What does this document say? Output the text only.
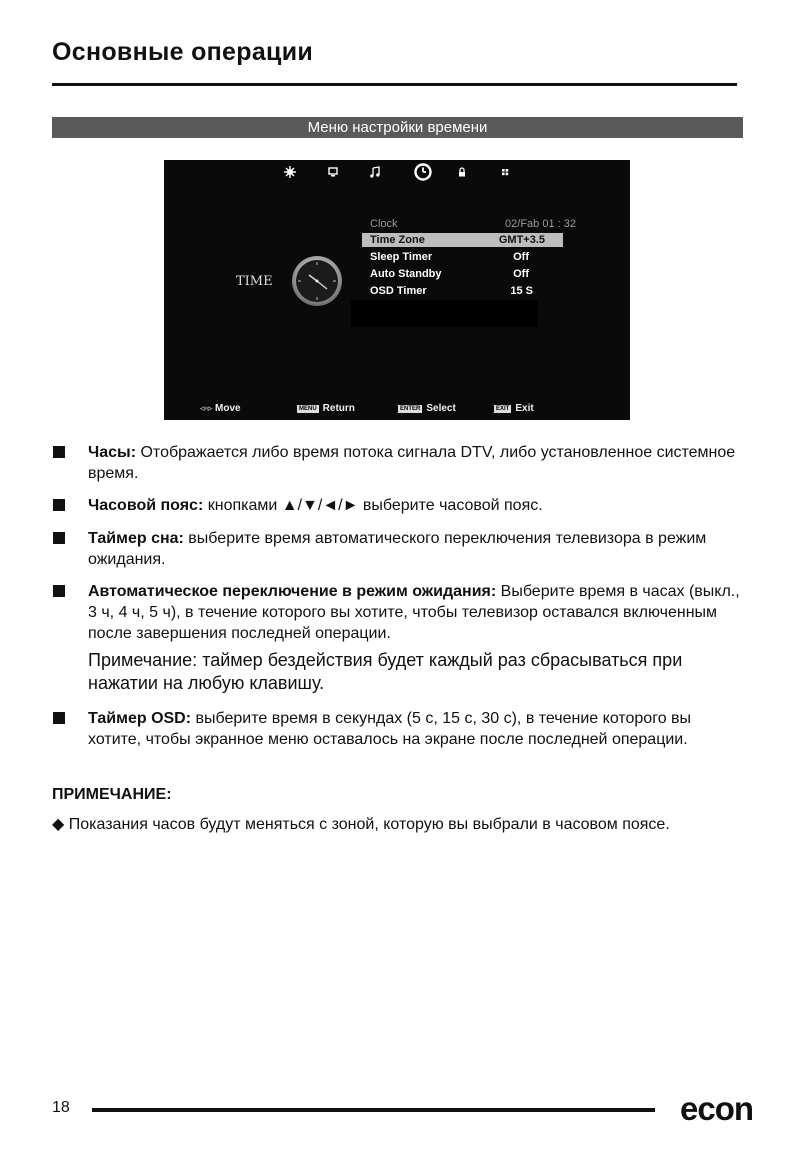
Основные операции
Меню настройки времени
TIME
Clock	02/Fab 01 : 32
Time Zone	GMT+3.5
Sleep Timer	Off
Auto Standby	Off
OSD Timer	15 S
◃◦▹ Move	MENU Return	ENTER Select	EXIT Exit
Часы: Отображается либо время потока сигнала DTV, либо установленное системное время.
Часовой пояс: кнопками ▲/▼/◄/► выберите часовой пояс.
Таймер сна: выберите время автоматического переключения телевизора в режим ожидания.
Автоматическое переключение в режим ожидания: Выберите время в часах (выкл., 3 ч, 4 ч, 5 ч), в течение которого вы хотите, чтобы телевизор оставался включенным после завершения последней операции.
Примечание: таймер бездействия будет каждый раз сбрасываться при нажатии на любую клавишу.
Таймер OSD: выберите время в секундах (5 с, 15 с, 30 с), в течение которого вы хотите, чтобы экранное меню оставалось на экране после последней операции.
ПРИМЕЧАНИЕ:
◆ Показания часов будут меняться с зоной, которую вы выбрали в часовом поясе.
18	econ
